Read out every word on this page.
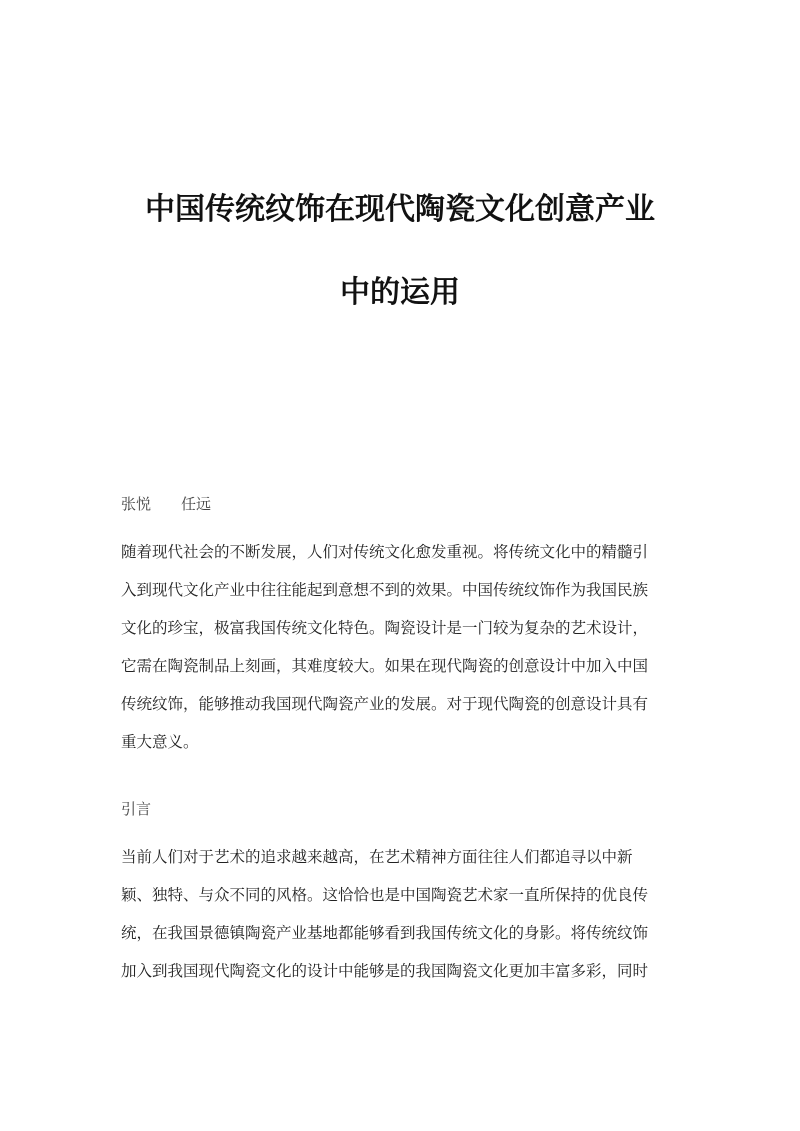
中国传统纹饰在现代陶瓷文化创意产业
中的运用
张悦　　任远
随着现代社会的不断发展，人们对传统文化愈发重视。将传统文化中的精髓引
入到现代文化产业中往往能起到意想不到的效果。中国传统纹饰作为我国民族
文化的珍宝，极富我国传统文化特色。陶瓷设计是一门较为复杂的艺术设计，
它需在陶瓷制品上刻画，其难度较大。如果在现代陶瓷的创意设计中加入中国
传统纹饰，能够推动我国现代陶瓷产业的发展。对于现代陶瓷的创意设计具有
重大意义。
引言
当前人们对于艺术的追求越来越高，在艺术精神方面往往人们都追寻以中新
颖、独特、与众不同的风格。这恰恰也是中国陶瓷艺术家一直所保持的优良传
统，在我国景德镇陶瓷产业基地都能够看到我国传统文化的身影。将传统纹饰
加入到我国现代陶瓷文化的设计中能够是的我国陶瓷文化更加丰富多彩，同时
